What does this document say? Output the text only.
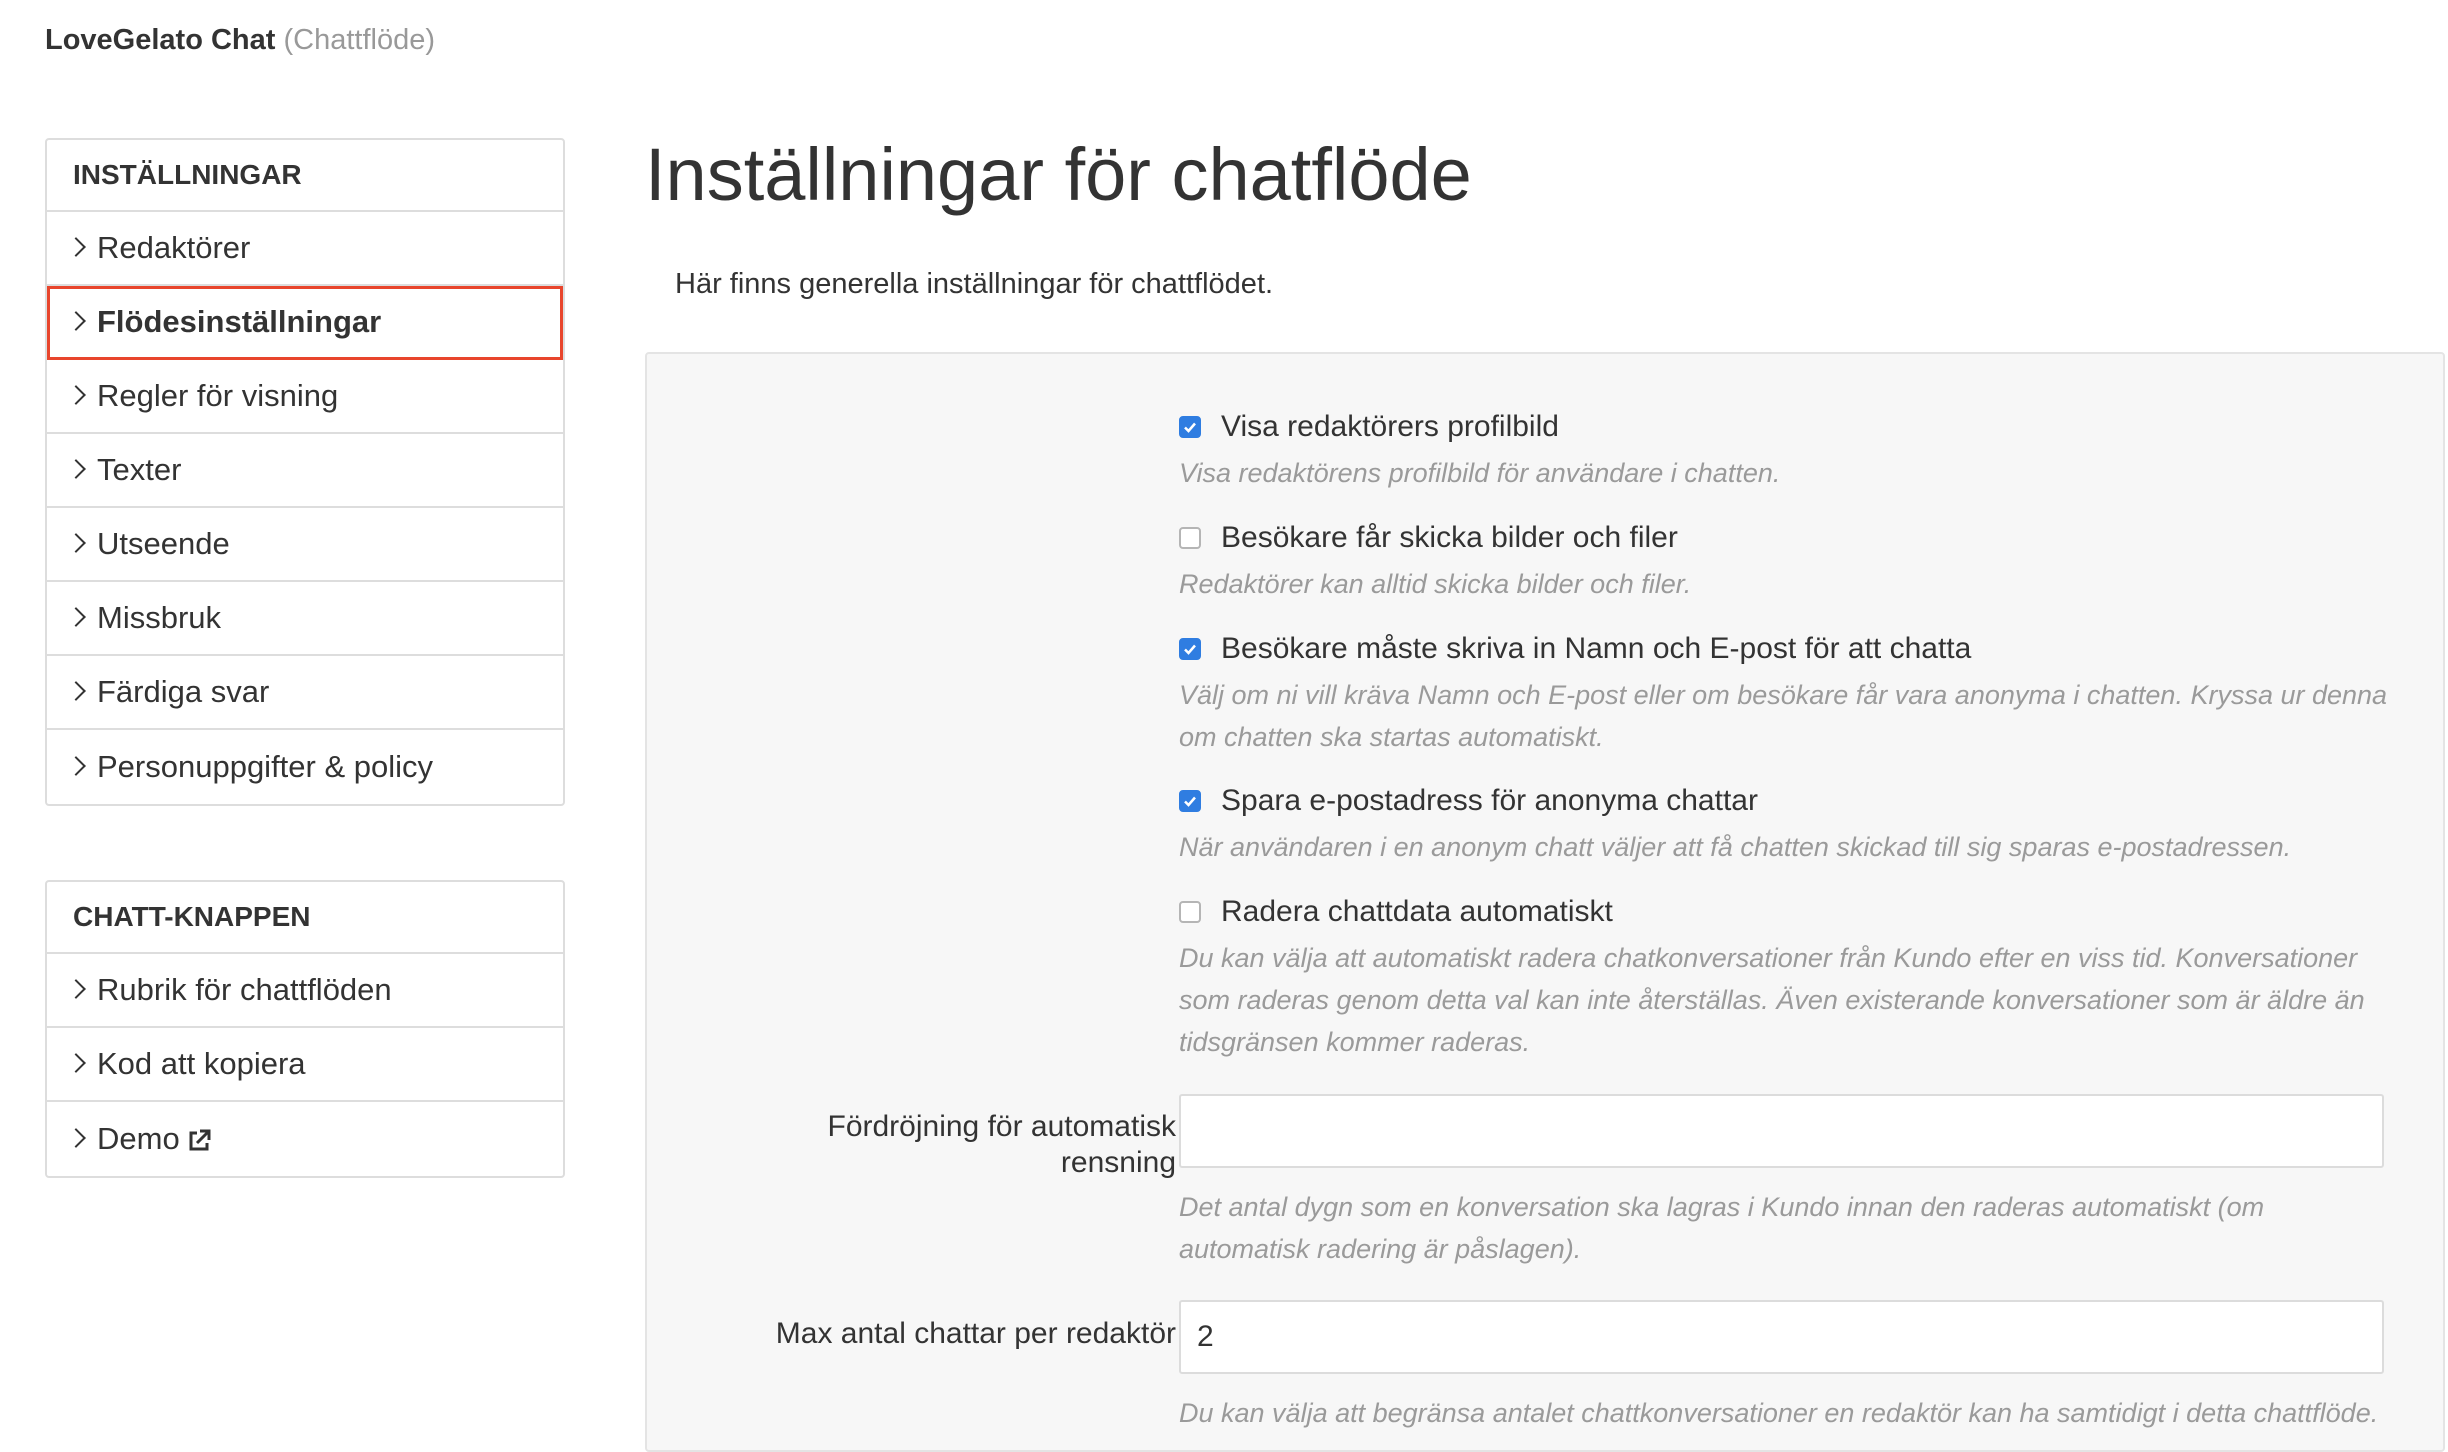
LoveGelato Chat (Chattflöde)
INSTÄLLNINGAR
Redaktörer
Flödesinställningar
Regler för visning
Texter
Utseende
Missbruk
Färdiga svar
Personuppgifter & policy
CHATT-KNAPPEN
Rubrik för chattflöden
Kod att kopiera
Demo
Inställningar för chatflöde
Här finns generella inställningar för chattflödet.
Visa redaktörers profilbild
Visa redaktörens profilbild för användare i chatten.
Besökare får skicka bilder och filer
Redaktörer kan alltid skicka bilder och filer.
Besökare måste skriva in Namn och E-post för att chatta
Välj om ni vill kräva Namn och E-post eller om besökare får vara anonyma i chatten. Kryssa ur denna om chatten ska startas automatiskt.
Spara e-postadress för anonyma chattar
När användaren i en anonym chatt väljer att få chatten skickad till sig sparas e-postadressen.
Radera chattdata automatiskt
Du kan välja att automatiskt radera chatkonversationer från Kundo efter en viss tid. Konversationer som raderas genom detta val kan inte återställas. Även existerande konversationer som är äldre än tidsgränsen kommer raderas.
Fördröjning för automatisk rensning
Det antal dygn som en konversation ska lagras i Kundo innan den raderas automatiskt (om automatisk radering är påslagen).
Max antal chattar per redaktör 2
Du kan välja att begränsa antalet chattkonversationer en redaktör kan ha samtidigt i detta chattflöde.
